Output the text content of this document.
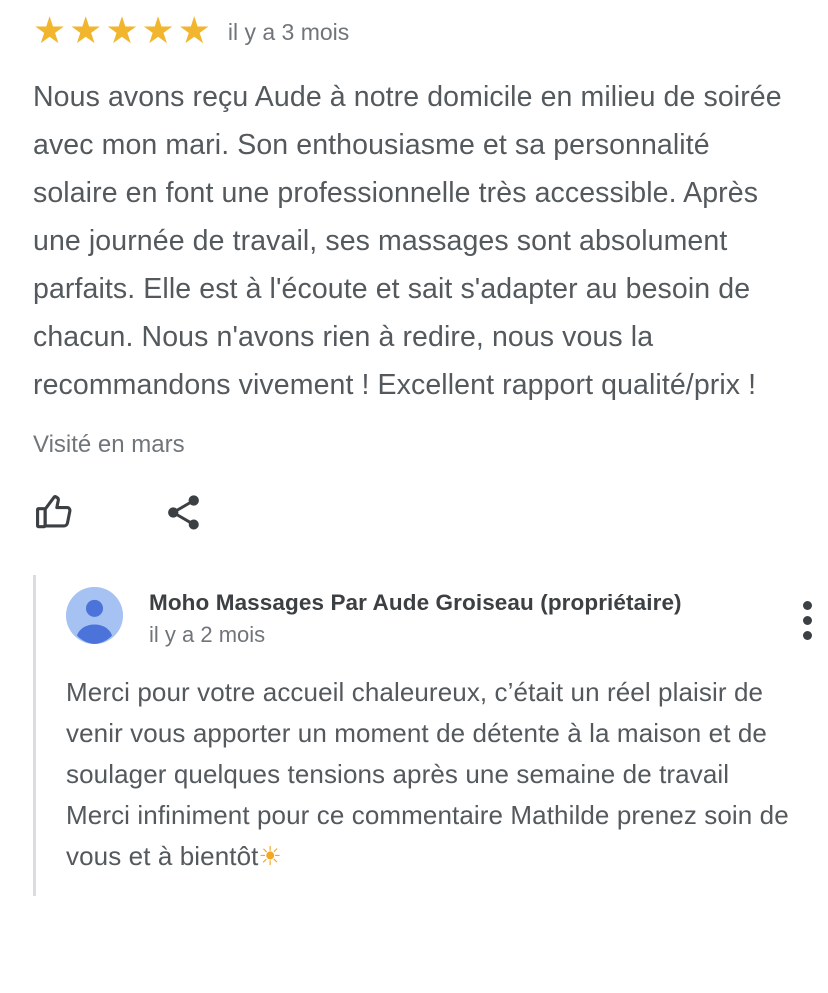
★★★★★ il y a 3 mois
Nous avons reçu Aude à notre domicile en milieu de soirée avec mon mari. Son enthousiasme et sa personnalité solaire en font une professionnelle très accessible. Après une journée de travail, ses massages sont absolument parfaits. Elle est à l'écoute et sait s'adapter au besoin de chacun. Nous n'avons rien à redire, nous vous la recommandons vivement ! Excellent rapport qualité/prix !
Visité en mars
Moho Massages Par Aude Groiseau (propriétaire)
il y a 2 mois

Merci pour votre accueil chaleureux, c’était un réel plaisir de venir vous apporter un moment de détente à la maison et de soulager quelques tensions après une semaine de travail

Merci infiniment pour ce commentaire Mathilde prenez soin de vous et à bientôt☀
